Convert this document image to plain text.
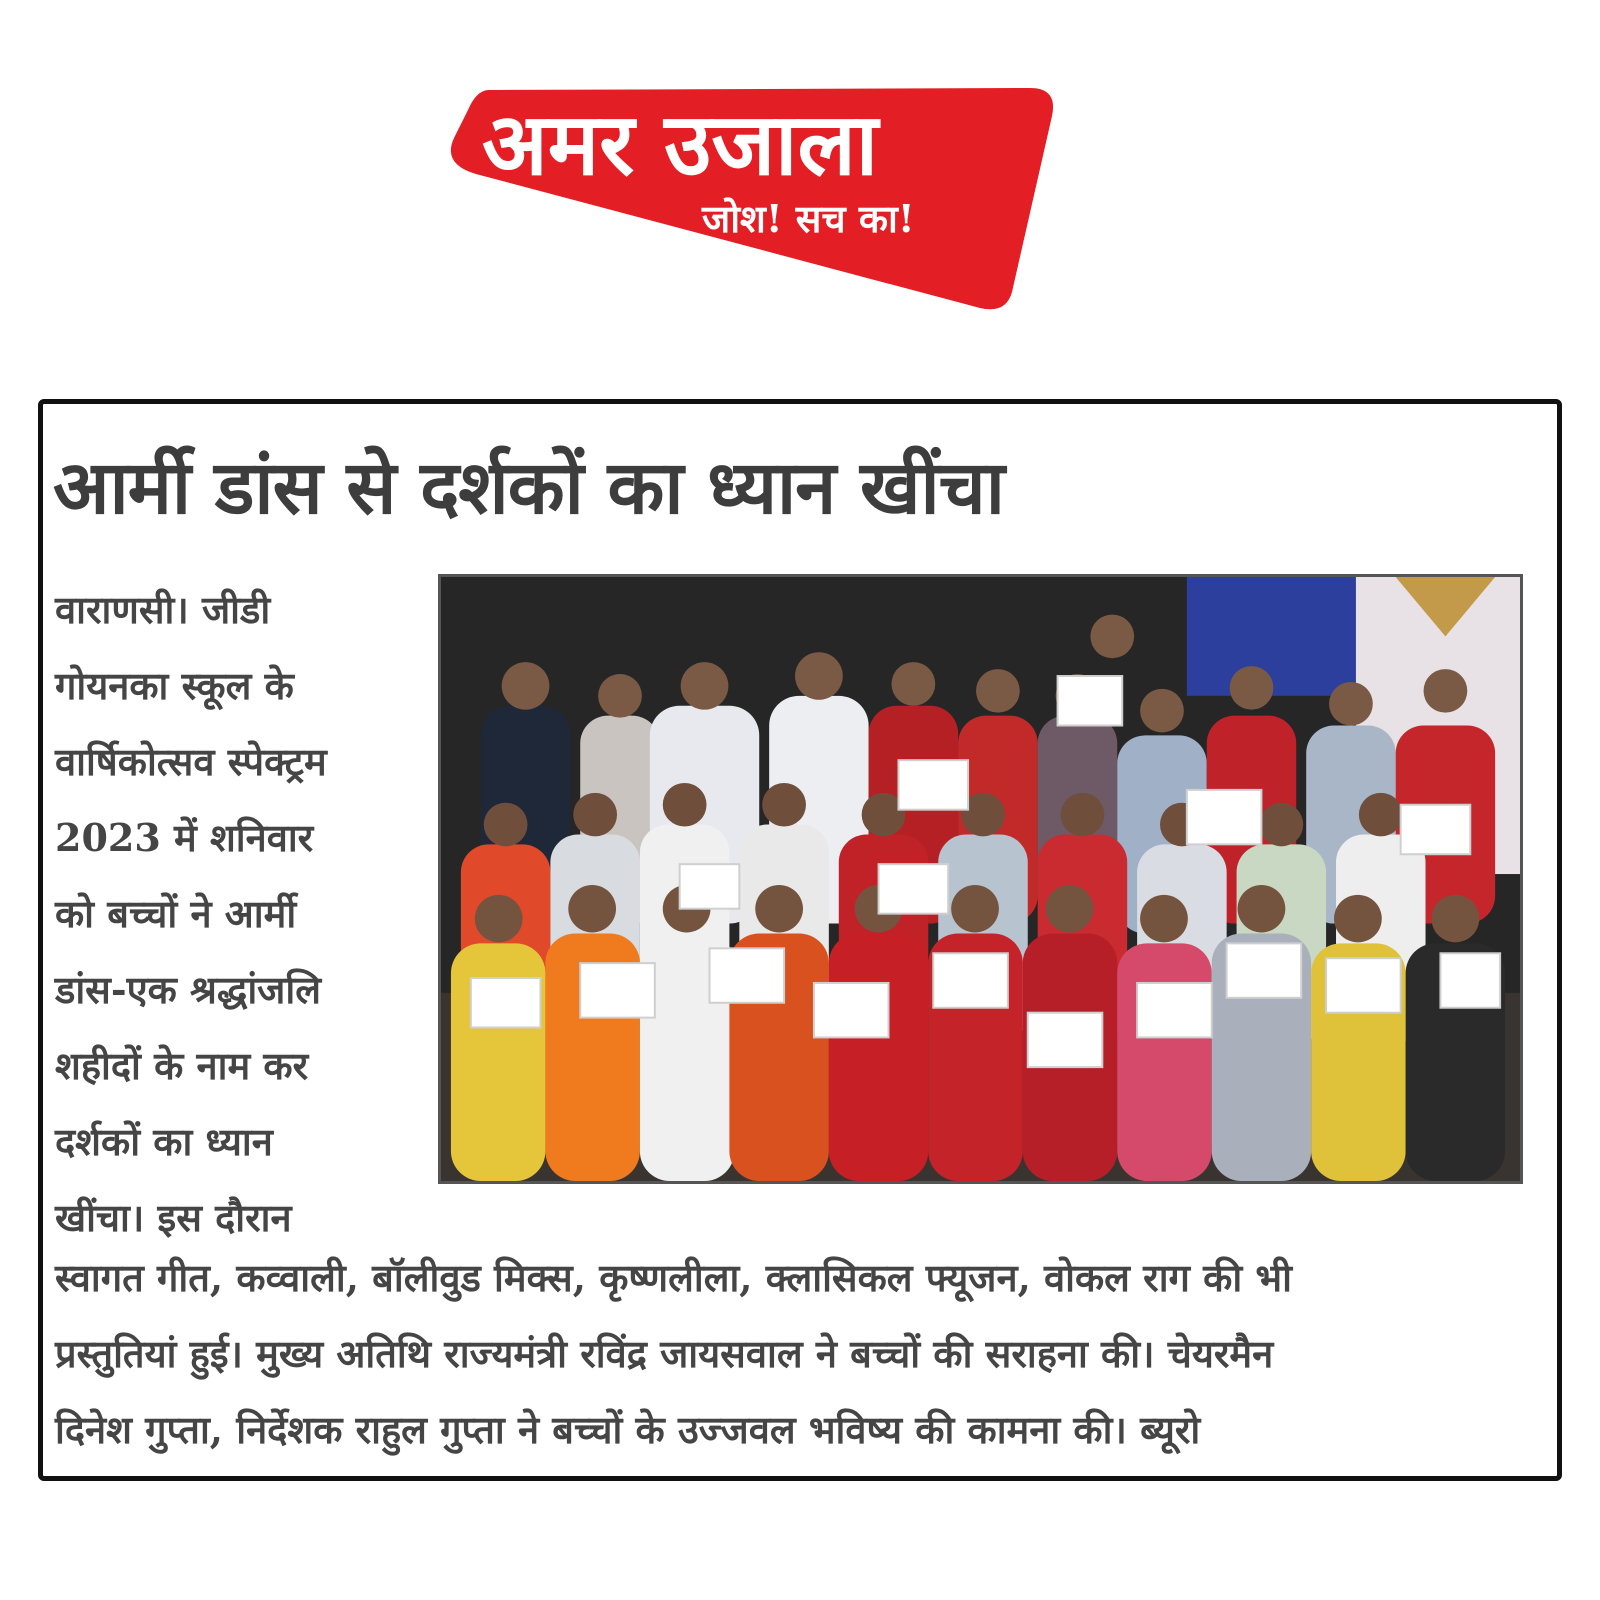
अमर उजाला
जोश! सच का!
आर्मी डांस से दर्शकों का ध्यान खींचा
वाराणसी। जीडी
गोयनका स्कूल के
वार्षिकोत्सव स्पेक्ट्रम
2023 में शनिवार
को बच्चों ने आर्मी
डांस-एक श्रद्धांजलि
शहीदों के नाम कर
दर्शकों का ध्यान
खींचा। इस दौरान
स्वागत गीत, कव्वाली, बॉलीवुड मिक्स, कृष्णलीला, क्लासिकल फ्यूजन, वोकल राग की भी
प्रस्तुतियां हुई। मुख्य अतिथि राज्यमंत्री रविंद्र जायसवाल ने बच्चों की सराहना की। चेयरमैन
दिनेश गुप्ता, निर्देशक राहुल गुप्ता ने बच्चों के उज्जवल भविष्य की कामना की। ब्यूरो
